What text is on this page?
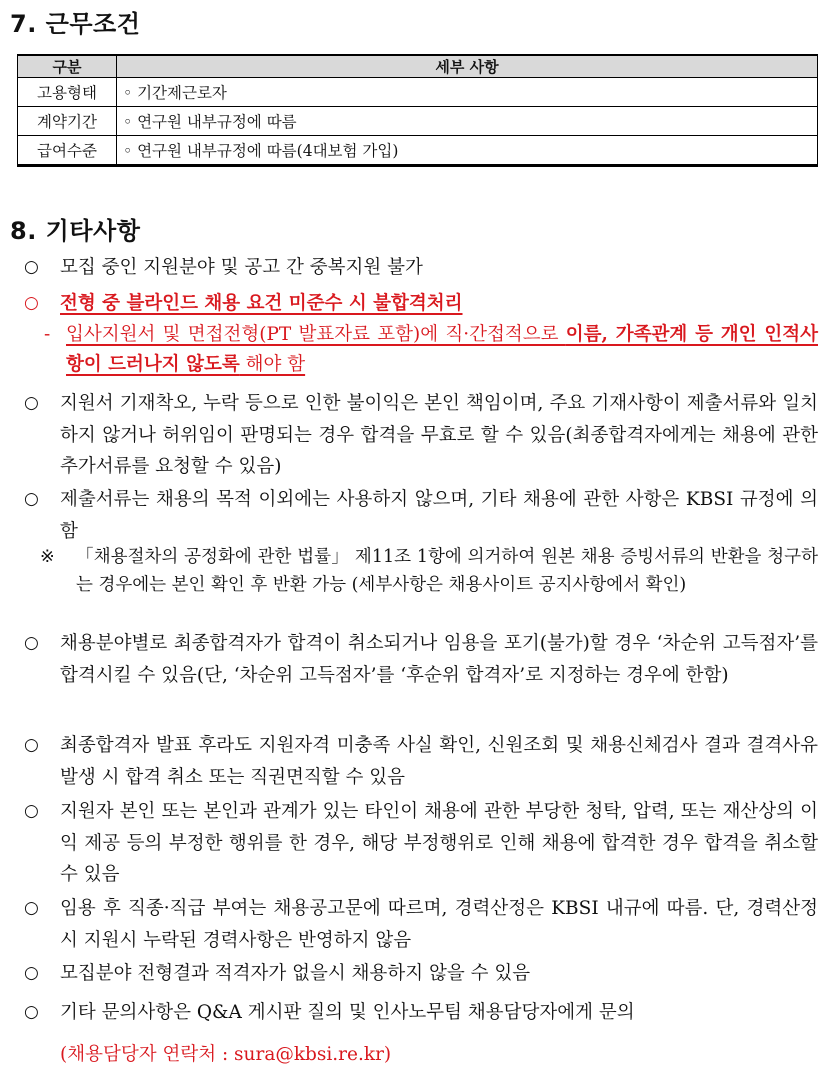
7. 근무조건
구분	세부 사항
고용형태	◦ 기간제근로자
계약기간	◦ 연구원 내부규정에 따름
급여수준	◦ 연구원 내부규정에 따름(4대보험 가입)
8. 기타사항
○ 모집 중인 지원분야 및 공고 간 중복지원 불가
○ 전형 중 블라인드 채용 요건 미준수 시 불합격처리
- 입사지원서 및 면접전형(PT 발표자료 포함)에 직·간접적으로 이름, 가족관계 등 개인 인적사항이 드러나지 않도록 해야 함
○ 지원서 기재착오, 누락 등으로 인한 불이익은 본인 책임이며, 주요 기재사항이 제출서류와 일치하지 않거나 허위임이 판명되는 경우 합격을 무효로 할 수 있음(최종합격자에게는 채용에 관한 추가서류를 요청할 수 있음)
○ 제출서류는 채용의 목적 이외에는 사용하지 않으며, 기타 채용에 관한 사항은 KBSI 규정에 의함
※ 「채용절차의 공정화에 관한 법률」 제11조 1항에 의거하여 원본 채용 증빙서류의 반환을 청구하는 경우에는 본인 확인 후 반환 가능 (세부사항은 채용사이트 공지사항에서 확인)
○ 채용분야별로 최종합격자가 합격이 취소되거나 임용을 포기(불가)할 경우 ‘차순위 고득점자’를 합격시킬 수 있음(단, ‘차순위 고득점자’를 ‘후순위 합격자’로 지정하는 경우에 한함)
○ 최종합격자 발표 후라도 지원자격 미충족 사실 확인, 신원조회 및 채용신체검사 결과 결격사유 발생 시 합격 취소 또는 직권면직할 수 있음
○ 지원자 본인 또는 본인과 관계가 있는 타인이 채용에 관한 부당한 청탁, 압력, 또는 재산상의 이익 제공 등의 부정한 행위를 한 경우, 해당 부정행위로 인해 채용에 합격한 경우 합격을 취소할 수 있음
○ 임용 후 직종·직급 부여는 채용공고문에 따르며, 경력산정은 KBSI 내규에 따름. 단, 경력산정시 지원시 누락된 경력사항은 반영하지 않음
○ 모집분야 전형결과 적격자가 없을시 채용하지 않을 수 있음
○ 기타 문의사항은 Q&A 게시판 질의 및 인사노무팀 채용담당자에게 문의
(채용담당자 연락처 : sura@kbsi.re.kr)
